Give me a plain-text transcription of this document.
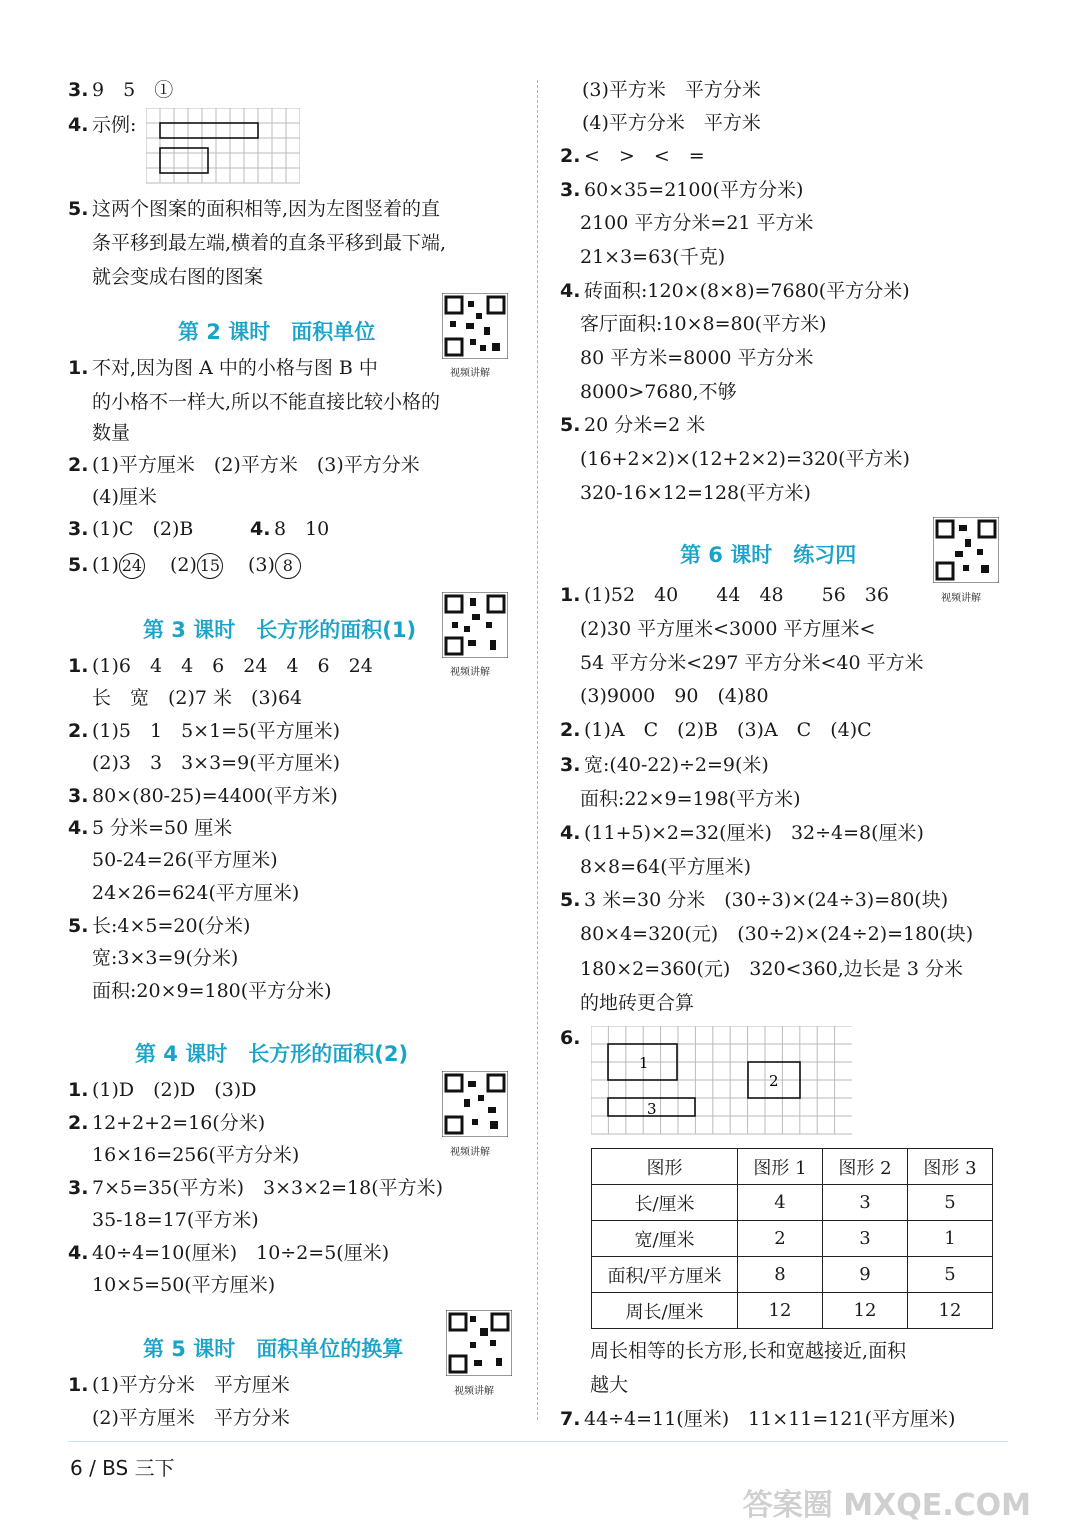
3. 9　5　 ①
4. 示例:
5. 这两个图案的面积相等,因为左图竖着的直
条平移到最左端,横着的直条平移到最下端,
就会变成右图的图案
第 2 课时　面积单位
视频讲解
1. 不对,因为图 A 中的小格与图 B 中
的小格不一样大,所以不能直接比较小格的
数量
2. (1)平方厘米　(2)平方米　(3)平方分米
(4)厘米
3. (1)C　(2)B	4. 8　10
5. (1) 24　 (2) 15　 (3) 8
第 3 课时　长方形的面积(1)
视频讲解
1. (1)6　4　4　6　24　4　6　24
长　宽　(2)7 米　(3)64
2. (1)5　1　5×1=5(平方厘米)
(2)3　3　3×3=9(平方厘米)
3. 80×(80-25)=4400(平方米)
4. 5 分米=50 厘米
50-24=26(平方厘米)
24×26=624(平方厘米)
5. 长:4×5=20(分米)
宽:3×3=9(分米)
面积:20×9=180(平方分米)
第 4 课时　长方形的面积(2)
视频讲解
1. (1)D　(2)D　(3)D
2. 12+2+2=16(分米)
16×16=256(平方分米)
3. 7×5=35(平方米)　3×3×2=18(平方米)
35-18=17(平方米)
4. 40÷4=10(厘米)　10÷2=5(厘米)
10×5=50(平方厘米)
第 5 课时　面积单位的换算
视频讲解
1. (1)平方分米　平方厘米
(2)平方厘米　平方分米
(3)平方米　平方分米
(4)平方分米　平方米
2. <　>　<　=
3. 60×35=2100(平方分米)
2100 平方分米=21 平方米
21×3=63(千克)
4. 砖面积:120×(8×8)=7680(平方分米)
客厅面积:10×8=80(平方米)
80 平方米=8000 平方分米
8000>7680,不够
5. 20 分米=2 米
(16+2×2)×(12+2×2)=320(平方米)
320-16×12=128(平方米)
第 6 课时　练习四
视频讲解
1. (1)52　40　　44　48　　56　36
(2)30 平方厘米<3000 平方厘米<
54 平方分米<297 平方分米<40 平方米
(3)9000　90　(4)80
2. (1)A　C　(2)B　(3)A　C　(4)C
3. 宽:(40-22)÷2=9(米)
面积:22×9=198(平方米)
4. (11+5)×2=32(厘米)　32÷4=8(厘米)
8×8=64(平方厘米)
5. 3 米=30 分米　(30÷3)×(24÷3)=80(块)
80×4=320(元)　(30÷2)×(24÷2)=180(块)
180×2=360(元)　320<360,边长是 3 分米
的地砖更合算
6.
1
2
3
图形	图形 1	图形 2	图形 3
长/厘米	4	3	5
宽/厘米	2	3	1
面积/平方厘米	8	9	5
周长/厘米	12	12	12
周长相等的长方形,长和宽越接近,面积
越大
7. 44÷4=11(厘米)　11×11=121(平方厘米)
6 / BS 三下
答案圈 MXQE.COM
